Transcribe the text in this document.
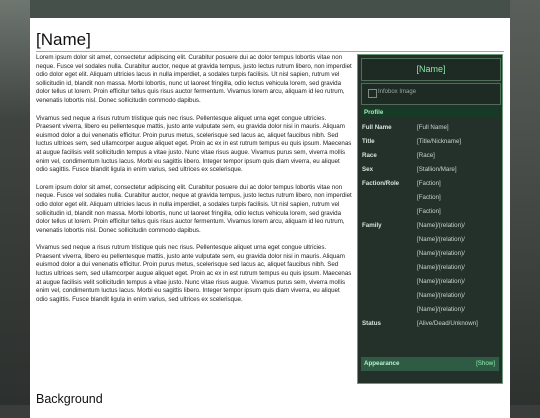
[Name]

Lorem ipsum dolor sit amet, consectetur adipiscing elit. Curabitur posuere dui ac dolor tempus lobortis vitae non neque. Fusce vel sodales nulla. Curabitur auctor, neque at gravida tempus, justo lectus rutrum libero, non imperdiet odio dolor eget elit. Aliquam ultricies lacus in nulla imperdiet, a sodales turpis facilisis. Ut nisl sapien, rutrum vel sollicitudin id, blandit non massa. Morbi lobortis, nunc ut laoreet fringilla, odio lectus vehicula lorem, sed gravida dolor tellus ut lorem. Proin efficitur tellus quis risus auctor fermentum. Vivamus lorem arcu, aliquam id leo rutrum, venenatis lobortis nisl. Donec sollicitudin commodo dapibus.

Vivamus sed neque a risus rutrum tristique quis nec risus. Pellentesque aliquet urna eget congue ultricies. Praesent viverra, libero eu pellentesque mattis, justo ante vulputate sem, eu gravida dolor nisi in mauris. Aliquam euismod dolor a dui venenatis efficitur. Proin purus metus, scelerisque sed lacus ac, aliquet faucibus nibh. Sed luctus ultrices sem, sed ullamcorper augue aliquet eget. Proin ac ex in est rutrum tempus eu quis ipsum. Maecenas at augue facilisis velit sollicitudin tempus a vitae justo. Nunc vitae risus augue. Vivamus purus sem, viverra mollis enim vel, condimentum luctus lacus. Morbi eu sagittis libero. Integer tempor ipsum quis diam viverra, eu aliquet odio sagittis. Fusce blandit ligula in enim varius, sed ultrices ex scelerisque.

Lorem ipsum dolor sit amet, consectetur adipiscing elit. Curabitur posuere dui ac dolor tempus lobortis vitae non neque. Fusce vel sodales nulla. Curabitur auctor, neque at gravida tempus, justo lectus rutrum libero, non imperdiet odio dolor eget elit. Aliquam ultricies lacus in nulla imperdiet, a sodales turpis facilisis. Ut nisl sapien, rutrum vel sollicitudin id, blandit non massa. Morbi lobortis, nunc ut laoreet fringilla, odio lectus vehicula lorem, sed gravida dolor tellus ut lorem. Proin efficitur tellus quis risus auctor fermentum. Vivamus lorem arcu, aliquam id leo rutrum, venenatis lobortis nisl. Donec sollicitudin commodo dapibus.

Vivamus sed neque a risus rutrum tristique quis nec risus. Pellentesque aliquet urna eget congue ultricies. Praesent viverra, libero eu pellentesque mattis, justo ante vulputate sem, eu gravida dolor nisi in mauris. Aliquam euismod dolor a dui venenatis efficitur. Proin purus metus, scelerisque sed lacus ac, aliquet faucibus nibh. Sed luctus ultrices sem, sed ullamcorper augue aliquet eget. Proin ac ex in est rutrum tempus eu quis ipsum. Maecenas at augue facilisis velit sollicitudin tempus a vitae justo. Nunc vitae risus augue. Vivamus purus sem, viverra mollis enim vel, condimentum luctus lacus. Morbi eu sagittis libero. Integer tempor ipsum quis diam viverra, eu aliquet odio sagittis. Fusce blandit ligula in enim varius, sed ultrices ex scelerisque.

Background
[Name]
Infobox Image
Profile
Full Name	[Full Name]
Title	[Title/Nickname]
Race	[Race]
Sex	[Stallion/Mare]
Faction/Role	[Faction]
[Faction]
[Faction]
Family	[Name]/(relation)/
[Name]/(relation)/
[Name]/(relation)/
[Name]/(relation)/
[Name]/(relation)/
[Name]/(relation)/
[Name]/(relation)/
Status	[Alive/Dead/Unknown]
Appearance	[Show]
